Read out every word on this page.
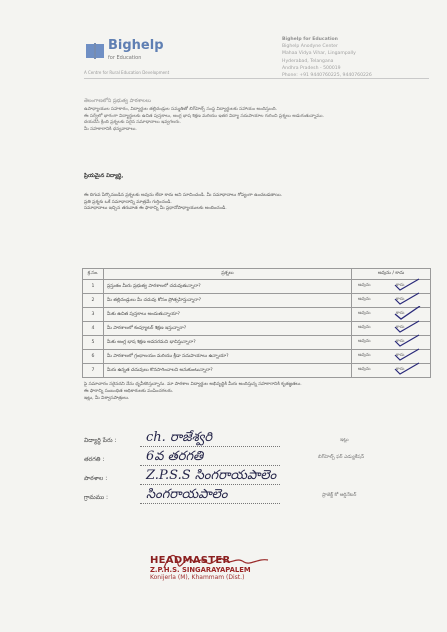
Bighelp
for Education
A Centre for Rural Education Development
Bighelp for Education
Bighelp Anodyne Center
Mahaa Vidya Vihar, Lingampally
Hyderabad, Telangana
Andhra Pradesh - 500019
Phone: +91 9440760225, 9440760226
తెలంగాణలోని ప్రభుత్వ పాఠశాలలు
ఉపాధ్యాయుల సహకారం, విద్యార్థుల తల్లిదండ్రుల సమ్మతితో బిగ్‌హెల్ప్ సంస్థ విద్యార్థులకు సహాయం అందిస్తుంది.
ఈ సర్వేలో భాగంగా విద్యార్థులకు ఉచిత పుస్తకాలు, ఆంగ్ల భాష శిక్షణ మరియు ఇతర విద్యా సదుపాయాల గురించి ప్రశ్నలు అడుగుతున్నాము.
దయచేసి క్రింది ప్రశ్నలకు సరైన సమాధానాలు ఇవ్వగలరు.
మీ సహకారానికి ధన్యవాదాలు.
ప్రియమైన విద్యార్థి,
ఈ దిగువ పేర్కొనబడిన ప్రశ్నలకు అవును లేదా కాదు అని సూచించండి. మీ సమాధానాలు గోప్యంగా ఉంచబడతాయి.
ప్రతి ప్రశ్నకు ఒకే సమాధానాన్ని మాత్రమే గుర్తించండి.
సమాధానాలు ఇచ్చిన తరువాత ఈ ఫారాన్ని మీ ప్రధానోపాధ్యాయులకు అందించండి.
క్ర.సం.	ప్రశ్నలు	అవును / కాదు
1	ప్రస్తుతం మీరు ప్రభుత్వ పాఠశాలలో చదువుతున్నారా?	అవును కాదు

2	మీ తల్లిదండ్రులు మీ చదువు కోసం ప్రోత్సహిస్తున్నారా?	అవును కాదు

3	మీకు ఉచిత పుస్తకాలు అందుతున్నాయా?	అవును కాదు

4	మీ పాఠశాలలో కంప్యూటర్ శిక్షణ ఇస్తున్నారా?	అవును కాదు

5	మీకు ఆంగ్ల భాష శిక్షణ అవసరమని భావిస్తున్నారా?	అవును కాదు

6	మీ పాఠశాలలో గ్రంథాలయం మరియు క్రీడా సదుపాయాలు ఉన్నాయా?	అవును కాదు

7	మీరు ఉన్నత చదువులు కొనసాగించాలని అనుకుంటున్నారా?	అవును కాదు
పై సమాచారం సరైనదని నేను ధృవీకరిస్తున్నాను. మా పాఠశాల విద్యార్థుల అభివృద్ధికి మీరు అందిస్తున్న సహకారానికి కృతజ్ఞతలు.
ఈ ఫారాన్ని సంబంధిత అధికారులకు పంపించగలరు.
ఇట్లు, మీ విశ్వాసపాత్రులు.
విద్యార్థి పేరు : ch. రాజేశ్వరి
తరగతి :	6వ తరగతి
పాఠశాల :	Z.P.S.S సింగరాయపాలెం
గ్రామము :	సింగరాయపాలెం
ఇట్లు
బిగ్‌హెల్ప్ ఫర్ ఎడ్యుకేషన్
ప్రాజెక్ట్ కో ఆర్డినేటర్
HEADMASTER
Z.P.H.S. SINGARAYAPALEM
Konijerla (M), Khammam (Dist.)
